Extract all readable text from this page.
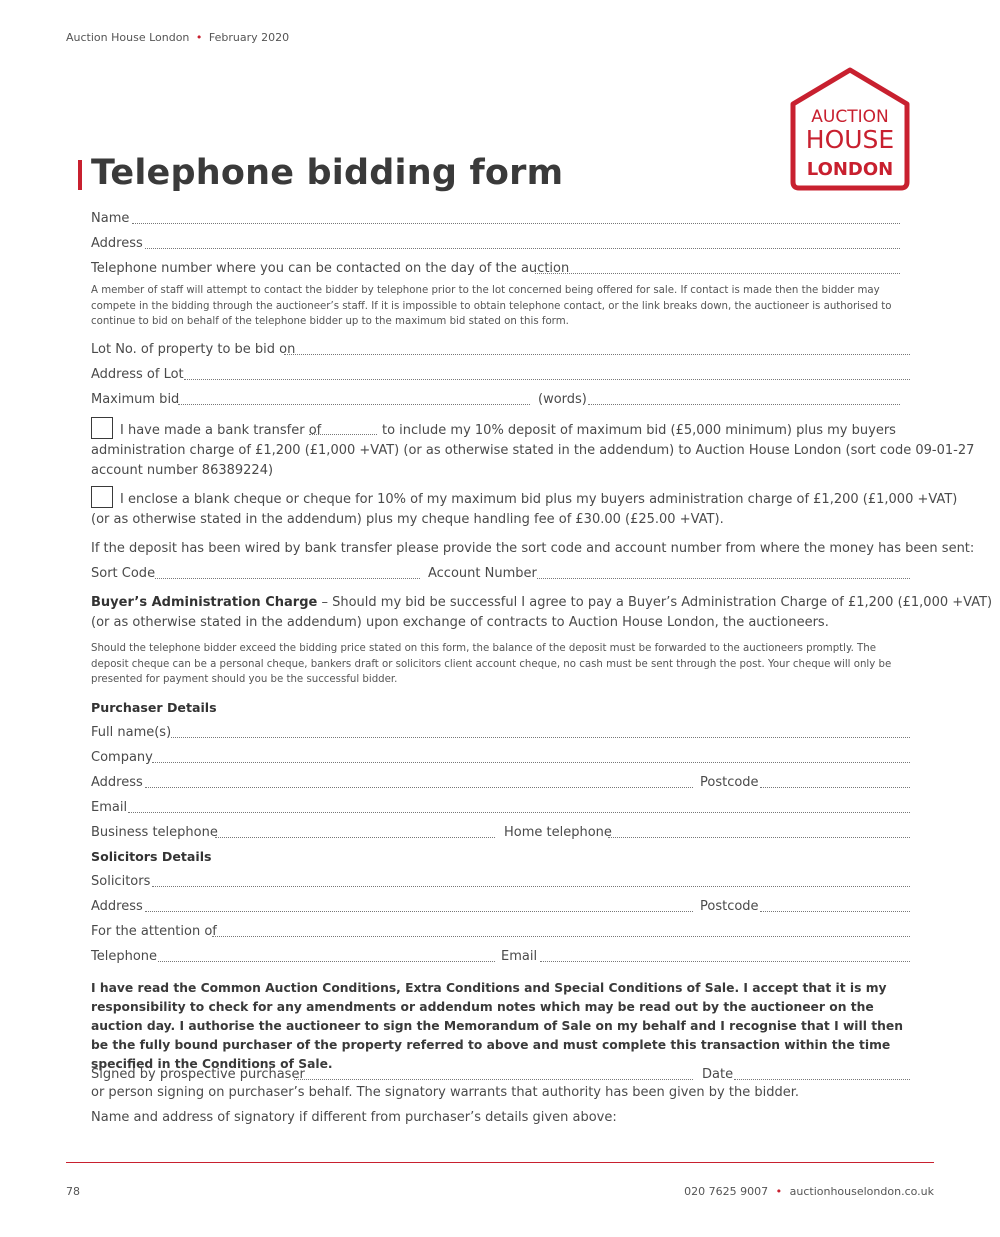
Auction House London • February 2020
AUCTION
HOUSE
LONDON
Telephone bidding form
Name
Address
Telephone number where you can be contacted on the day of the auction
A member of staff will attempt to contact the bidder by telephone prior to the lot concerned being offered for sale. If contact is made then the bidder may compete in the bidding through the auctioneer’s staff. If it is impossible to obtain telephone contact, or the link breaks down, the auctioneer is authorised to continue to bid on behalf of the telephone bidder up to the maximum bid stated on this form.
Lot No. of property to be bid on
Address of Lot
Maximum bid	(words)
I have made a bank transfer of	to include my 10% deposit of maximum bid (£5,000 minimum) plus my buyers
administration charge of £1,200 (£1,000 +VAT) (or as otherwise stated in the addendum) to Auction House London (sort code 09-01-27
account number 86389224)
I enclose a blank cheque or cheque for 10% of my maximum bid plus my buyers administration charge of £1,200 (£1,000 +VAT)
(or as otherwise stated in the addendum) plus my cheque handling fee of £30.00 (£25.00 +VAT).
If the deposit has been wired by bank transfer please provide the sort code and account number from where the money has been sent:
Sort Code	Account Number
Buyer’s Administration Charge – Should my bid be successful I agree to pay a Buyer’s Administration Charge of £1,200 (£1,000 +VAT)
(or as otherwise stated in the addendum) upon exchange of contracts to Auction House London, the auctioneers.
Should the telephone bidder exceed the bidding price stated on this form, the balance of the deposit must be forwarded to the auctioneers promptly. The deposit cheque can be a personal cheque, bankers draft or solicitors client account cheque, no cash must be sent through the post. Your cheque will only be presented for payment should you be the successful bidder.
Purchaser Details
Full name(s)
Company
Address	Postcode
Email
Business telephone	Home telephone
Solicitors Details
Solicitors
Address	Postcode
For the attention of
Telephone	Email
I have read the Common Auction Conditions, Extra Conditions and Special Conditions of Sale. I accept that it is my responsibility to check for any amendments or addendum notes which may be read out by the auctioneer on the auction day. I authorise the auctioneer to sign the Memorandum of Sale on my behalf and I recognise that I will then be the fully bound purchaser of the property referred to above and must complete this transaction within the time specified in the Conditions of Sale.
Signed by prospective purchaser	Date
or person signing on purchaser’s behalf. The signatory warrants that authority has been given by the bidder.
Name and address of signatory if different from purchaser’s details given above:
78	020 7625 9007 • auctionhouselondon.co.uk
